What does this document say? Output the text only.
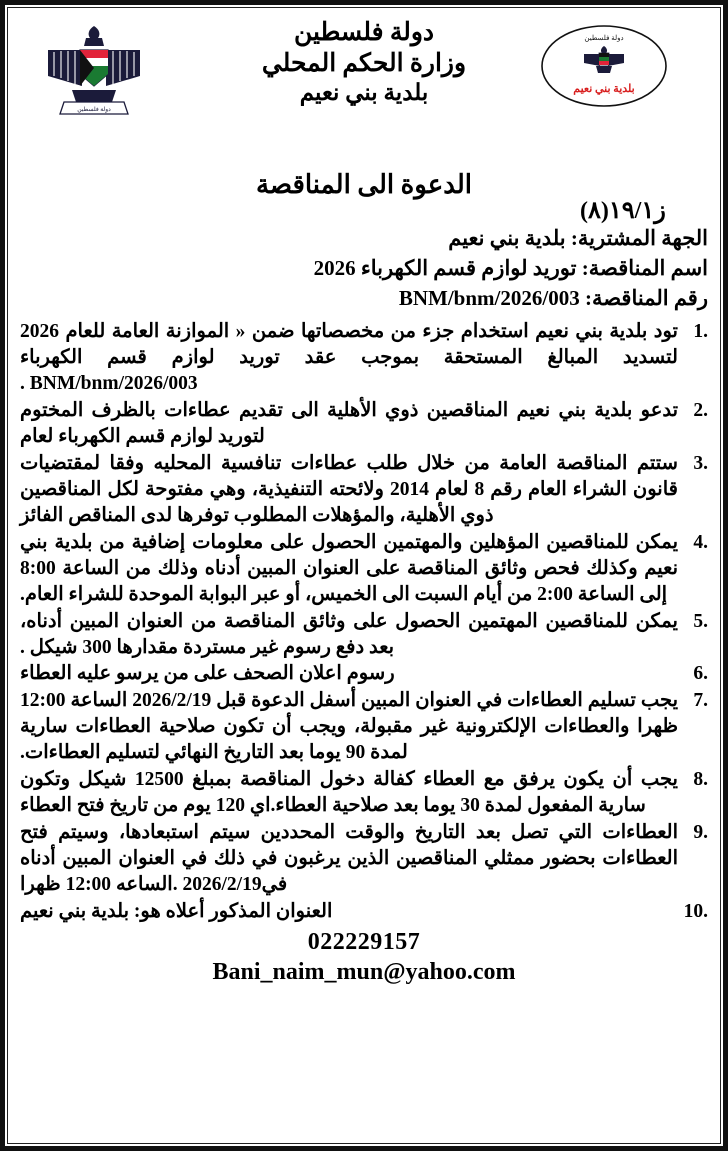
دولة فلسطين
بلدية بني نعيم
دولة فلسطين
دولة فلسطين
وزارة الحكم المحلي
بلدية بني نعيم
الدعوة الى المناقصة
ز١٩/١(٨)
الجهة المشترية: بلدية بني نعيم
اسم المناقصة: توريد لوازم قسم الكهرباء 2026
رقم المناقصة: BNM/bnm/2026/003
1.
تود بلدية بني نعيم استخدام جزء من مخصصاتها ضمن « الموازنة العامة للعام 2026 لتسديد المبالغ المستحقة بموجب عقد توريد لوازم قسم الكهرباء BNM/bnm/2026/003 .
2.
تدعو بلدية بني نعيم المناقصين ذوي الأهلية الى تقديم عطاءات بالظرف المختوم لتوريد لوازم قسم الكهرباء لعام
3.
ستتم المناقصة العامة من خلال طلب عطاءات تنافسية المحليه وفقا لمقتضيات قانون الشراء العام رقم 8 لعام 2014 ولائحته التنفيذية، وهي مفتوحة لكل المناقصين ذوي الأهلية، والمؤهلات المطلوب توفرها لدى المناقص الفائز
4.
يمكن للمناقصين المؤهلين والمهتمين الحصول على معلومات إضافية من بلدية بني نعيم وكذلك فحص وثائق المناقصة على العنوان المبين أدناه وذلك من الساعة 8:00 إلى الساعة 2:00 من أيام السبت الى الخميس، أو عبر البوابة الموحدة للشراء العام.
5.
يمكن للمناقصين المهتمين الحصول على وثائق المناقصة من العنوان المبين أدناه، بعد دفع رسوم غير مستردة مقدارها 300 شيكل .
6.
رسوم اعلان الصحف على من يرسو عليه العطاء
7.
يجب تسليم العطاءات في العنوان المبين أسفل الدعوة قبل 2026/2/19 الساعة 12:00 ظهرا والعطاءات الإلكترونية غير مقبولة، ويجب أن تكون صلاحية العطاءات سارية لمدة 90 يوما بعد التاريخ النهائي لتسليم العطاءات.
8.
يجب أن يكون يرفق مع العطاء كفالة دخول المناقصة بمبلغ 12500 شيكل وتكون سارية المفعول لمدة 30 يوما بعد صلاحية العطاء.اي 120 يوم من تاريخ فتح العطاء
9.
العطاءات التي تصل بعد التاريخ والوقت المحددين سيتم استبعادها، وسيتم فتح العطاءات بحضور ممثلي المناقصين الذين يرغبون في ذلك في العنوان المبين أدناه في2026/2/19 .الساعه 12:00 ظهرا
10.
العنوان المذكور أعلاه هو: بلدية بني نعيم
022229157
Bani_naim_mun@yahoo.com
